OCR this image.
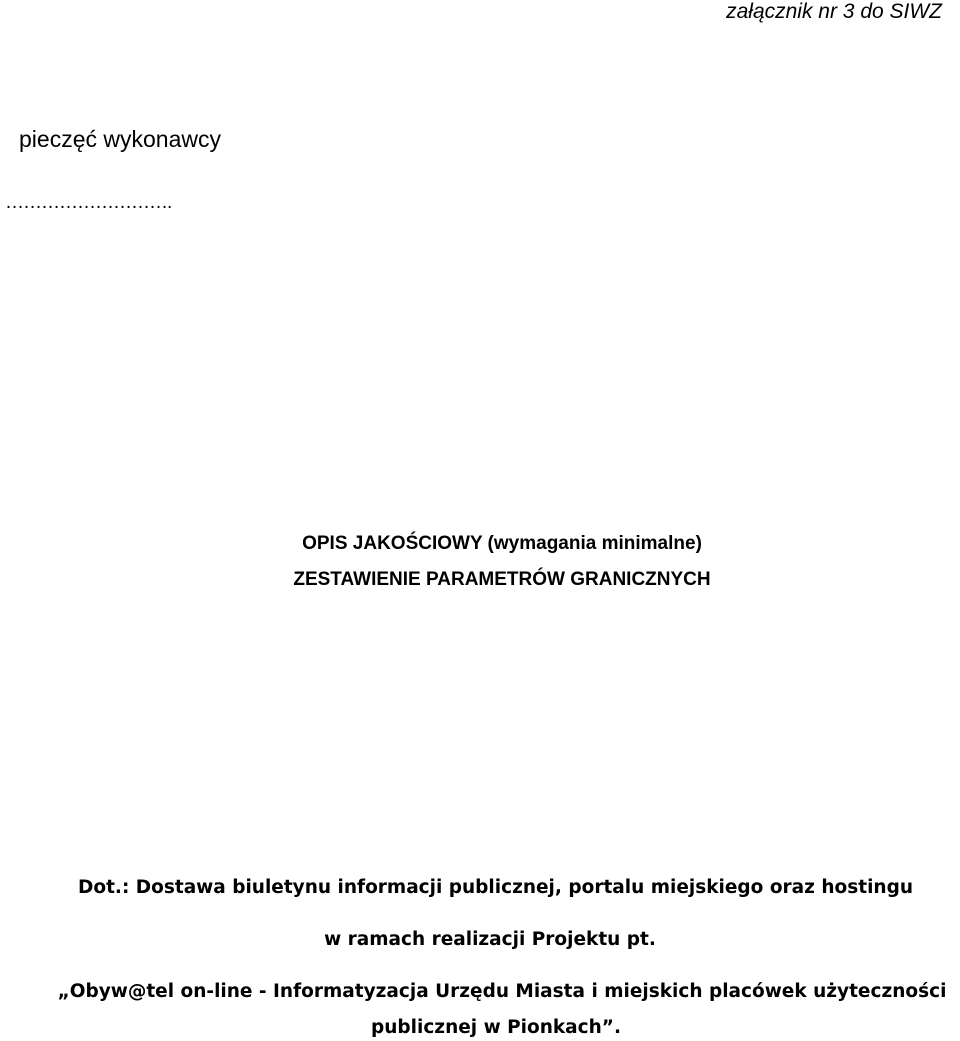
załącznik nr 3 do SIWZ
pieczęć wykonawcy
……………………….
OPIS JAKOŚCIOWY (wymagania minimalne)
ZESTAWIENIE PARAMETRÓW GRANICZNYCH
Dot.: Dostawa biuletynu informacji publicznej, portalu miejskiego oraz hostingu
w ramach realizacji Projektu pt.
„Obyw@tel on-line - Informatyzacja Urzędu Miasta i miejskich placówek użyteczności
publicznej w Pionkach”.
